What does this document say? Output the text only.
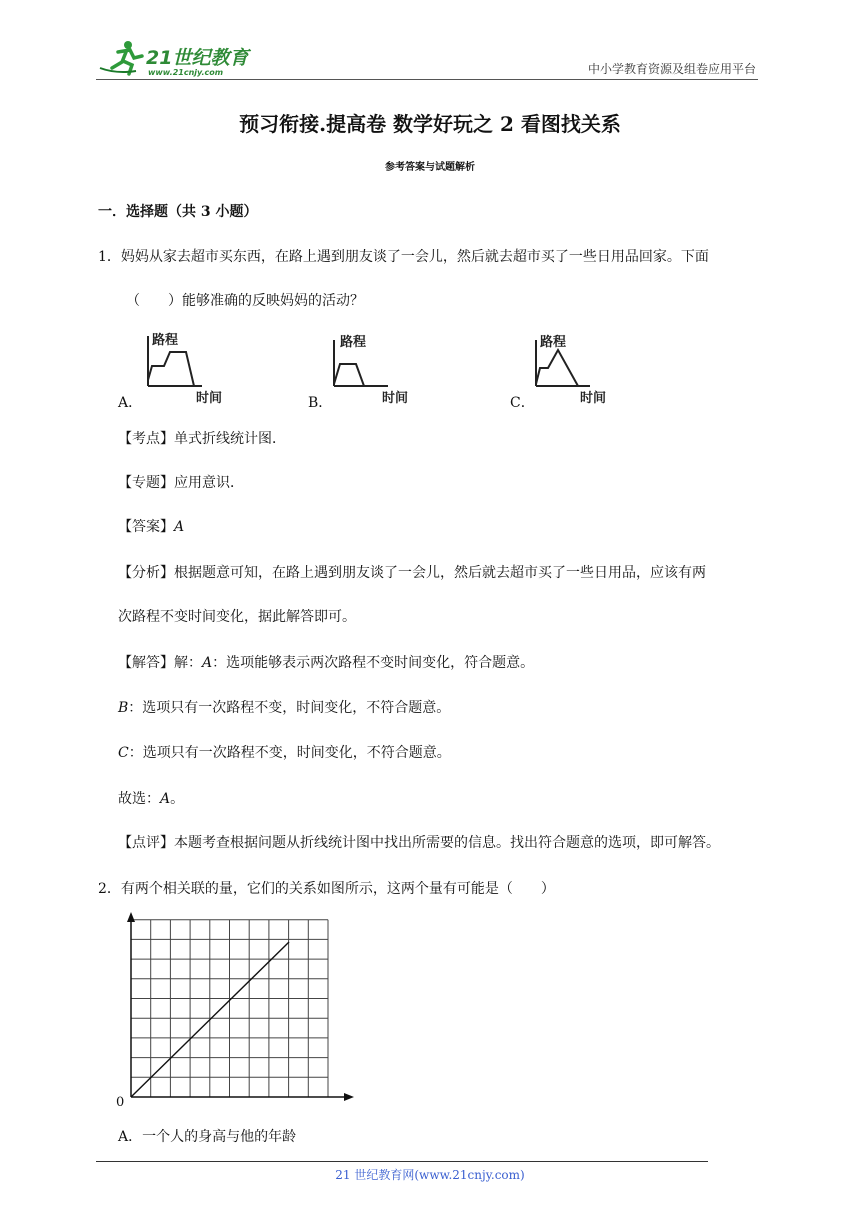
21世纪教育
www.21cnjy.com	中小学教育资源及组卷应用平台
预习衔接.提高卷 数学好玩之 2 看图找关系
参考答案与试题解析
一．选择题（共 3 小题）
1．妈妈从家去超市买东西，在路上遇到朋友谈了一会儿，然后就去超市买了一些日用品回家。下面
（　　）能够准确的反映妈妈的活动？
A．
路程
时间	B．
路程
时间	C．
路程
时间
【考点】单式折线统计图．
【专题】应用意识．
【答案】A
【分析】根据题意可知，在路上遇到朋友谈了一会儿，然后就去超市买了一些日用品，应该有两
次路程不变时间变化，据此解答即可。
【解答】解：A：选项能够表示两次路程不变时间变化，符合题意。
B：选项只有一次路程不变，时间变化，不符合题意。
C：选项只有一次路程不变，时间变化，不符合题意。
故选：A。
【点评】本题考查根据问题从折线统计图中找出所需要的信息。找出符合题意的选项，即可解答。
2．有两个相关联的量，它们的关系如图所示，这两个量有可能是（　　）
0
A．一个人的身高与他的年龄
21 世纪教育网(www.21cnjy.com)
